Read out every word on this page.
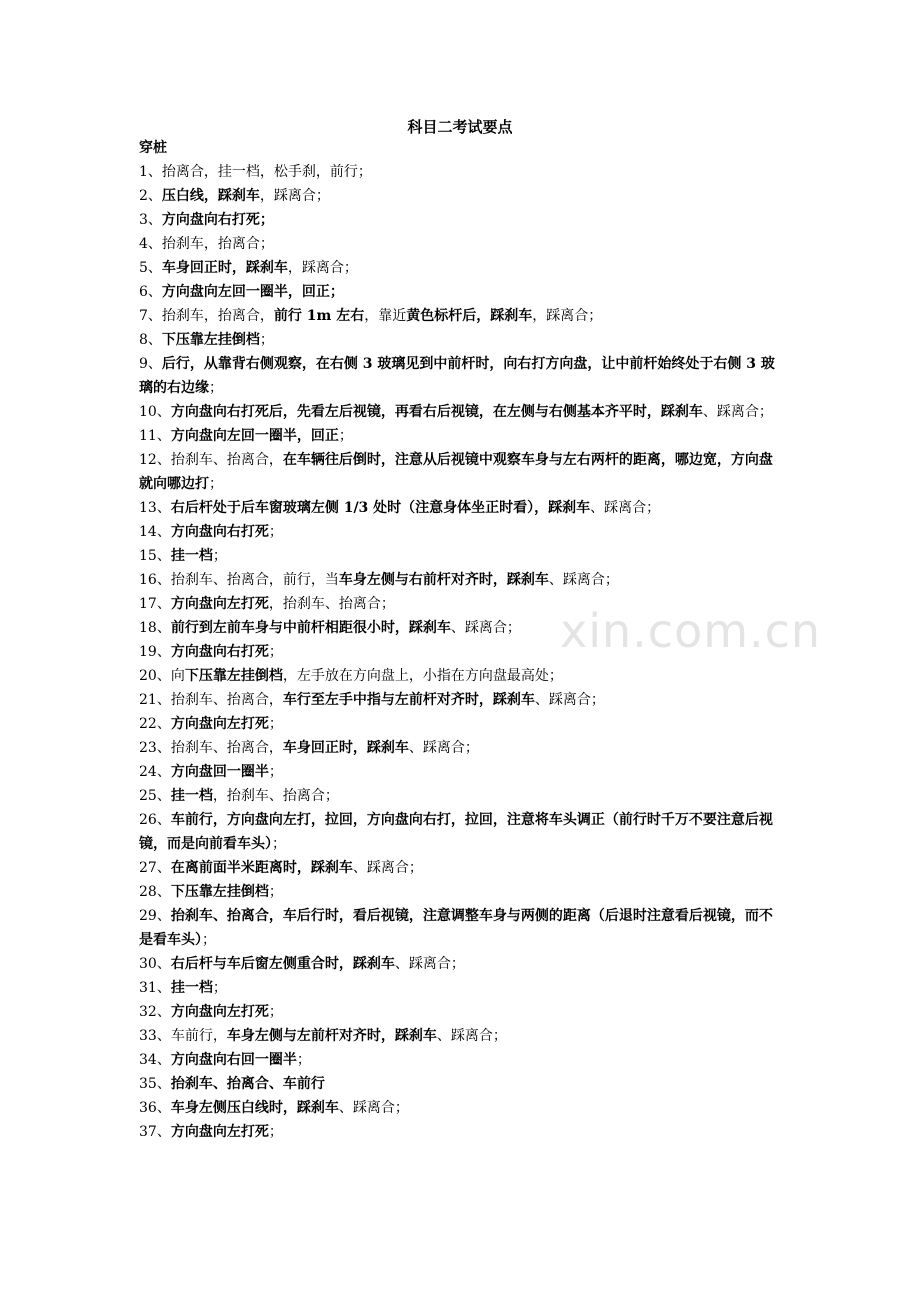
xin.com.cn
科目二考试要点
穿桩
1、抬离合，挂一档，松手刹，前行；
2、压白线，踩刹车，踩离合；
3、方向盘向右打死；
4、抬刹车，抬离合；
5、车身回正时，踩刹车，踩离合；
6、方向盘向左回一圈半，回正；
7、抬刹车，抬离合，前行 1m 左右，靠近黄色标杆后，踩刹车，踩离合；
8、下压靠左挂倒档；
9、后行，从靠背右侧观察，在右侧 3 玻璃见到中前杆时，向右打方向盘，让中前杆始终处于右侧 3 玻璃的右边缘；
10、方向盘向右打死后，先看左后视镜，再看右后视镜，在左侧与右侧基本齐平时，踩刹车、踩离合；
11、方向盘向左回一圈半，回正；
12、抬刹车、抬离合，在车辆往后倒时，注意从后视镜中观察车身与左右两杆的距离，哪边宽，方向盘就向哪边打；
13、右后杆处于后车窗玻璃左侧 1/3 处时（注意身体坐正时看），踩刹车、踩离合；
14、方向盘向右打死；
15、挂一档；
16、抬刹车、抬离合，前行，当车身左侧与右前杆对齐时，踩刹车、踩离合；
17、方向盘向左打死，抬刹车、抬离合；
18、前行到左前车身与中前杆相距很小时，踩刹车、踩离合；
19、方向盘向右打死；
20、向下压靠左挂倒档，左手放在方向盘上，小指在方向盘最高处；
21、抬刹车、抬离合，车行至左手中指与左前杆对齐时，踩刹车、踩离合；
22、方向盘向左打死；
23、抬刹车、抬离合，车身回正时，踩刹车、踩离合；
24、方向盘回一圈半；
25、挂一档，抬刹车、抬离合；
26、车前行，方向盘向左打，拉回，方向盘向右打，拉回，注意将车头调正（前行时千万不要注意后视镜，而是向前看车头）；
27、在离前面半米距离时，踩刹车、踩离合；
28、下压靠左挂倒档；
29、抬刹车、抬离合，车后行时，看后视镜，注意调整车身与两侧的距离（后退时注意看后视镜，而不是看车头）；
30、右后杆与车后窗左侧重合时，踩刹车、踩离合；
31、挂一档；
32、方向盘向左打死；
33、车前行，车身左侧与左前杆对齐时，踩刹车、踩离合；
34、方向盘向右回一圈半；
35、抬刹车、抬离合、车前行
36、车身左侧压白线时，踩刹车、踩离合；
37、方向盘向左打死；
